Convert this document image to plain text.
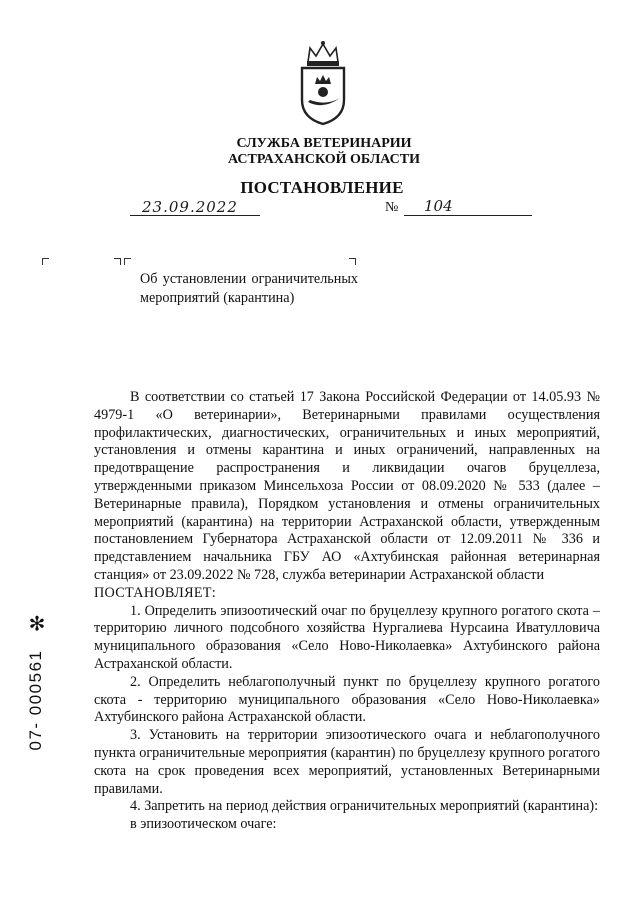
СЛУЖБА ВЕТЕРИНАРИИ
АСТРАХАНСКОЙ ОБЛАСТИ
ПОСТАНОВЛЕНИЕ
23.09.2022	№ 104
Об установлении ограничительных мероприятий (карантина)

В соответствии со статьей 17 Закона Российской Федерации от 14.05.93 № 4979-1 «О ветеринарии», Ветеринарными правилами осуществления профилактических, диагностических, ограничительных и иных мероприятий, установления и отмены карантина и иных ограничений, направленных на предотвращение распространения и ликвидации очагов бруцеллеза, утвержденными приказом Минсельхоза России от 08.09.2020 № 533 (далее – Ветеринарные правила), Порядком установления и отмены ограничительных мероприятий (карантина) на территории Астраханской области, утвержденным постановлением Губернатора Астраханской области от 12.09.2011 № 336 и представлением начальника ГБУ АО «Ахтубинская районная ветеринарная станция» от 23.09.2022 № 728, служба ветеринарии Астраханской области

ПОСТАНОВЛЯЕТ:

1. Определить эпизоотический очаг по бруцеллезу крупного рогатого скота – территорию личного подсобного хозяйства Нургалиева Нурсаина Иватулловича муниципального образования «Село Ново-Николаевка» Ахтубинского района Астраханской области.

2. Определить неблагополучный пункт по бруцеллезу крупного рогатого скота - территорию муниципального образования «Село Ново-Николаевка» Ахтубинского района Астраханской области.

3. Установить на территории эпизоотического очага и неблагополучного пункта ограничительные мероприятия (карантин) по бруцеллезу крупного рогатого скота на срок проведения всех мероприятий, установленных Ветеринарными правилами.

4. Запретить на период действия ограничительных мероприятий (карантина):

в эпизоотическом очаге:

✻
07- 000561
